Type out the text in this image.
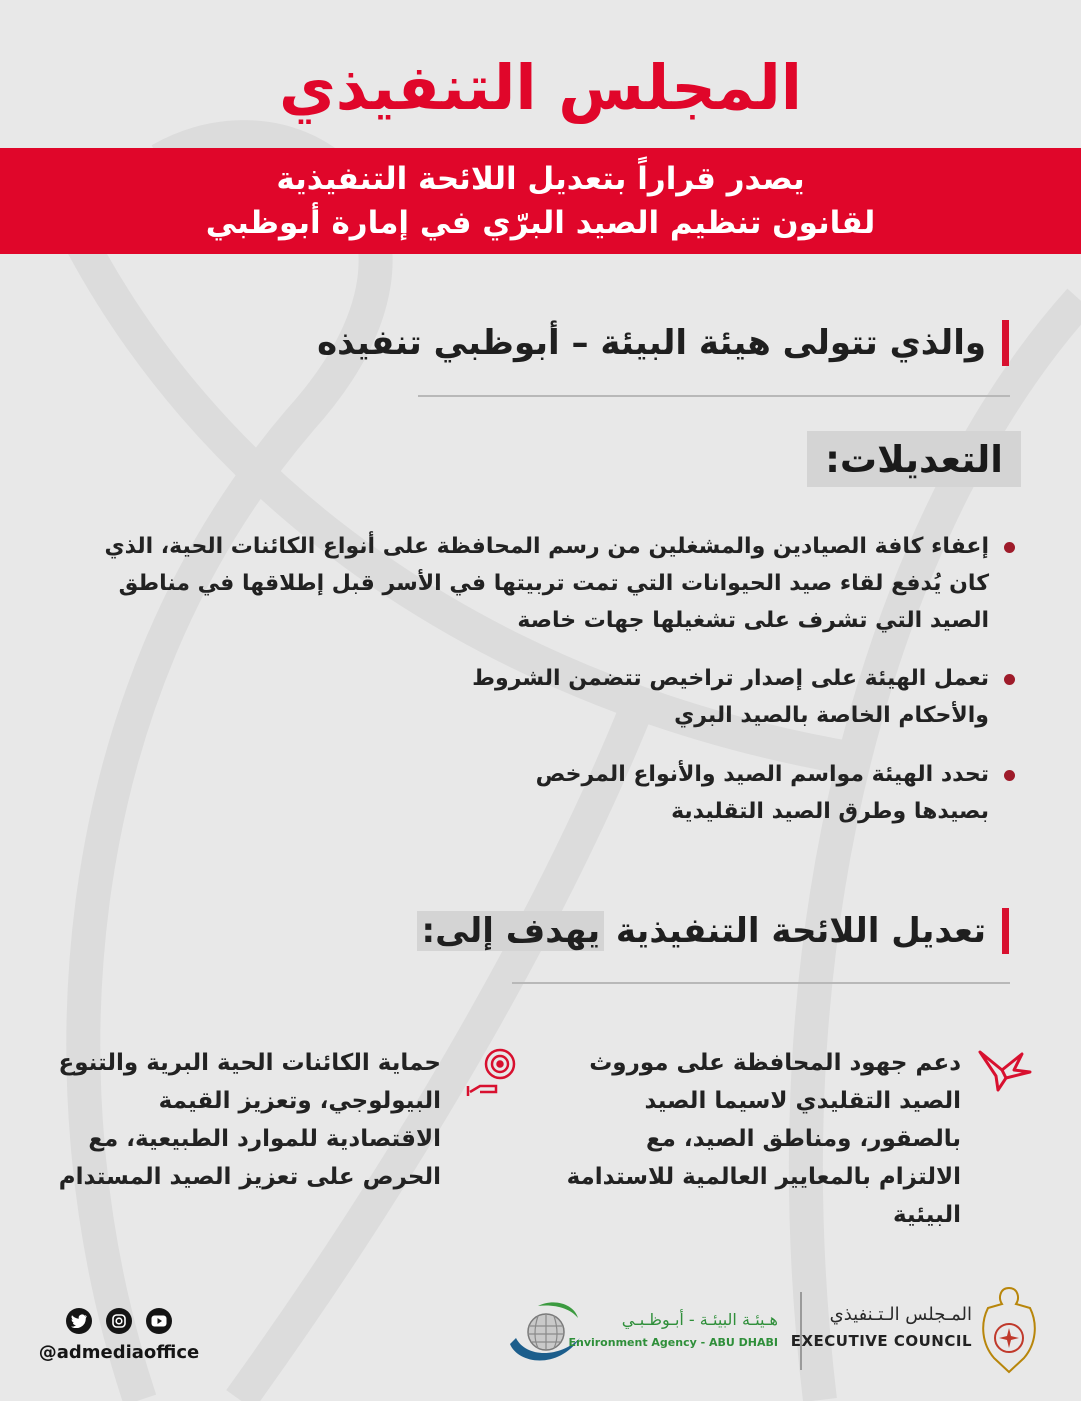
المجلس التنفيذي
يصدر قراراً بتعديل اللائحة التنفيذية
لقانون تنظيم الصيد البرّي في إمارة أبوظبي
والذي تتولى هيئة البيئة – أبوظبي تنفيذه
التعديلات:
إعفاء كافة الصيادين والمشغلين من رسم المحافظة على أنواع الكائنات الحية، الذي كان يُدفع لقاء صيد الحيوانات التي تمت تربيتها في الأسر قبل إطلاقها في مناطق الصيد التي تشرف على تشغيلها جهات خاصة
تعمل الهيئة على إصدار تراخيص تتضمن الشروط والأحكام الخاصة بالصيد البري
تحدد الهيئة مواسم الصيد والأنواع المرخص بصيدها وطرق الصيد التقليدية
تعديل اللائحة التنفيذية يهدف إلى:
دعم جهود المحافظة على موروث الصيد التقليدي لاسيما الصيد بالصقور، ومناطق الصيد، مع الالتزام بالمعايير العالمية للاستدامة البيئية
حماية الكائنات الحية البرية والتنوع البيولوجي، وتعزيز القيمة الاقتصادية للموارد الطبيعية، مع الحرص على تعزيز الصيد المستدام
@admediaoffice
هـيئـة البيئـة - أبـوظـبـي
Environment Agency - ABU DHABI
المـجلس الـتـنفيذي
EXECUTIVE COUNCIL
